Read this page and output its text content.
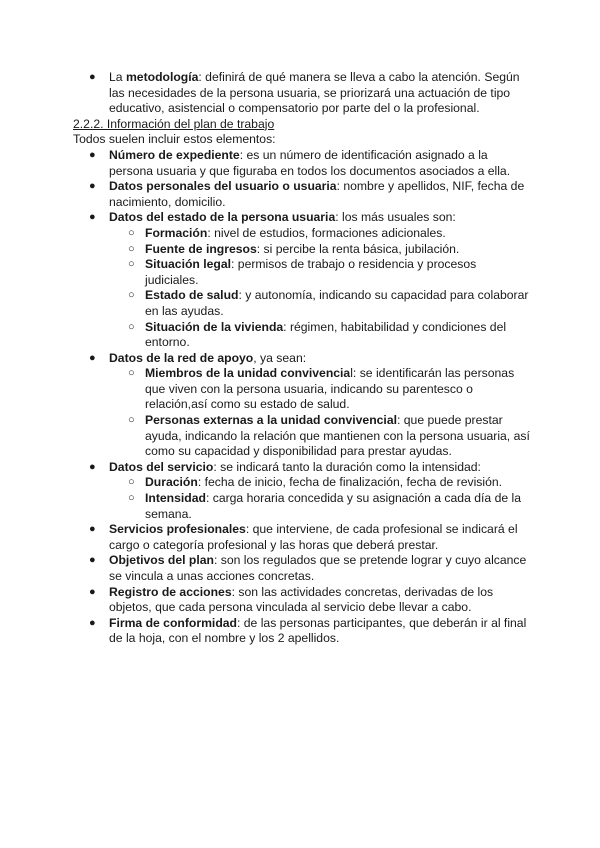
● La metodología: definirá de qué manera se lleva a cabo la atención. Según las necesidades de la persona usuaria, se priorizará una actuación de tipo educativo, asistencial o compensatorio por parte del o la profesional.

2.2.2. Información del plan de trabajo

Todos suelen incluir estos elementos:

● Número de expediente: es un número de identificación asignado a la persona usuaria y que figuraba en todos los documentos asociados a ella.

● Datos personales del usuario o usuaria: nombre y apellidos, NIF, fecha de nacimiento, domicilio.

● Datos del estado de la persona usuaria: los más usuales son:

○ Formación: nivel de estudios, formaciones adicionales.

○ Fuente de ingresos: si percibe la renta básica, jubilación.

○ Situación legal: permisos de trabajo o residencia y procesos judiciales.

○ Estado de salud: y autonomía, indicando su capacidad para colaborar en las ayudas.

○ Situación de la vivienda: régimen, habitabilidad y condiciones del entorno.

● Datos de la red de apoyo, ya sean:

○ Miembros de la unidad convivencial: se identificarán las personas que viven con la persona usuaria, indicando su parentesco o relación,así como su estado de salud.

○ Personas externas a la unidad convivencial: que puede prestar ayuda, indicando la relación que mantienen con la persona usuaria, así como su capacidad y disponibilidad para prestar ayudas.

● Datos del servicio: se indicará tanto la duración como la intensidad:

○ Duración: fecha de inicio, fecha de finalización, fecha de revisión.

○ Intensidad: carga horaria concedida y su asignación a cada día de la semana.

● Servicios profesionales: que interviene, de cada profesional se indicará el cargo o categoría profesional y las horas que deberá prestar.

● Objetivos del plan: son los regulados que se pretende lograr y cuyo alcance se vincula a unas acciones concretas.

● Registro de acciones: son las actividades concretas, derivadas de los objetos, que cada persona vinculada al servicio debe llevar a cabo.

● Firma de conformidad: de las personas participantes, que deberán ir al final de la hoja, con el nombre y los 2 apellidos.
